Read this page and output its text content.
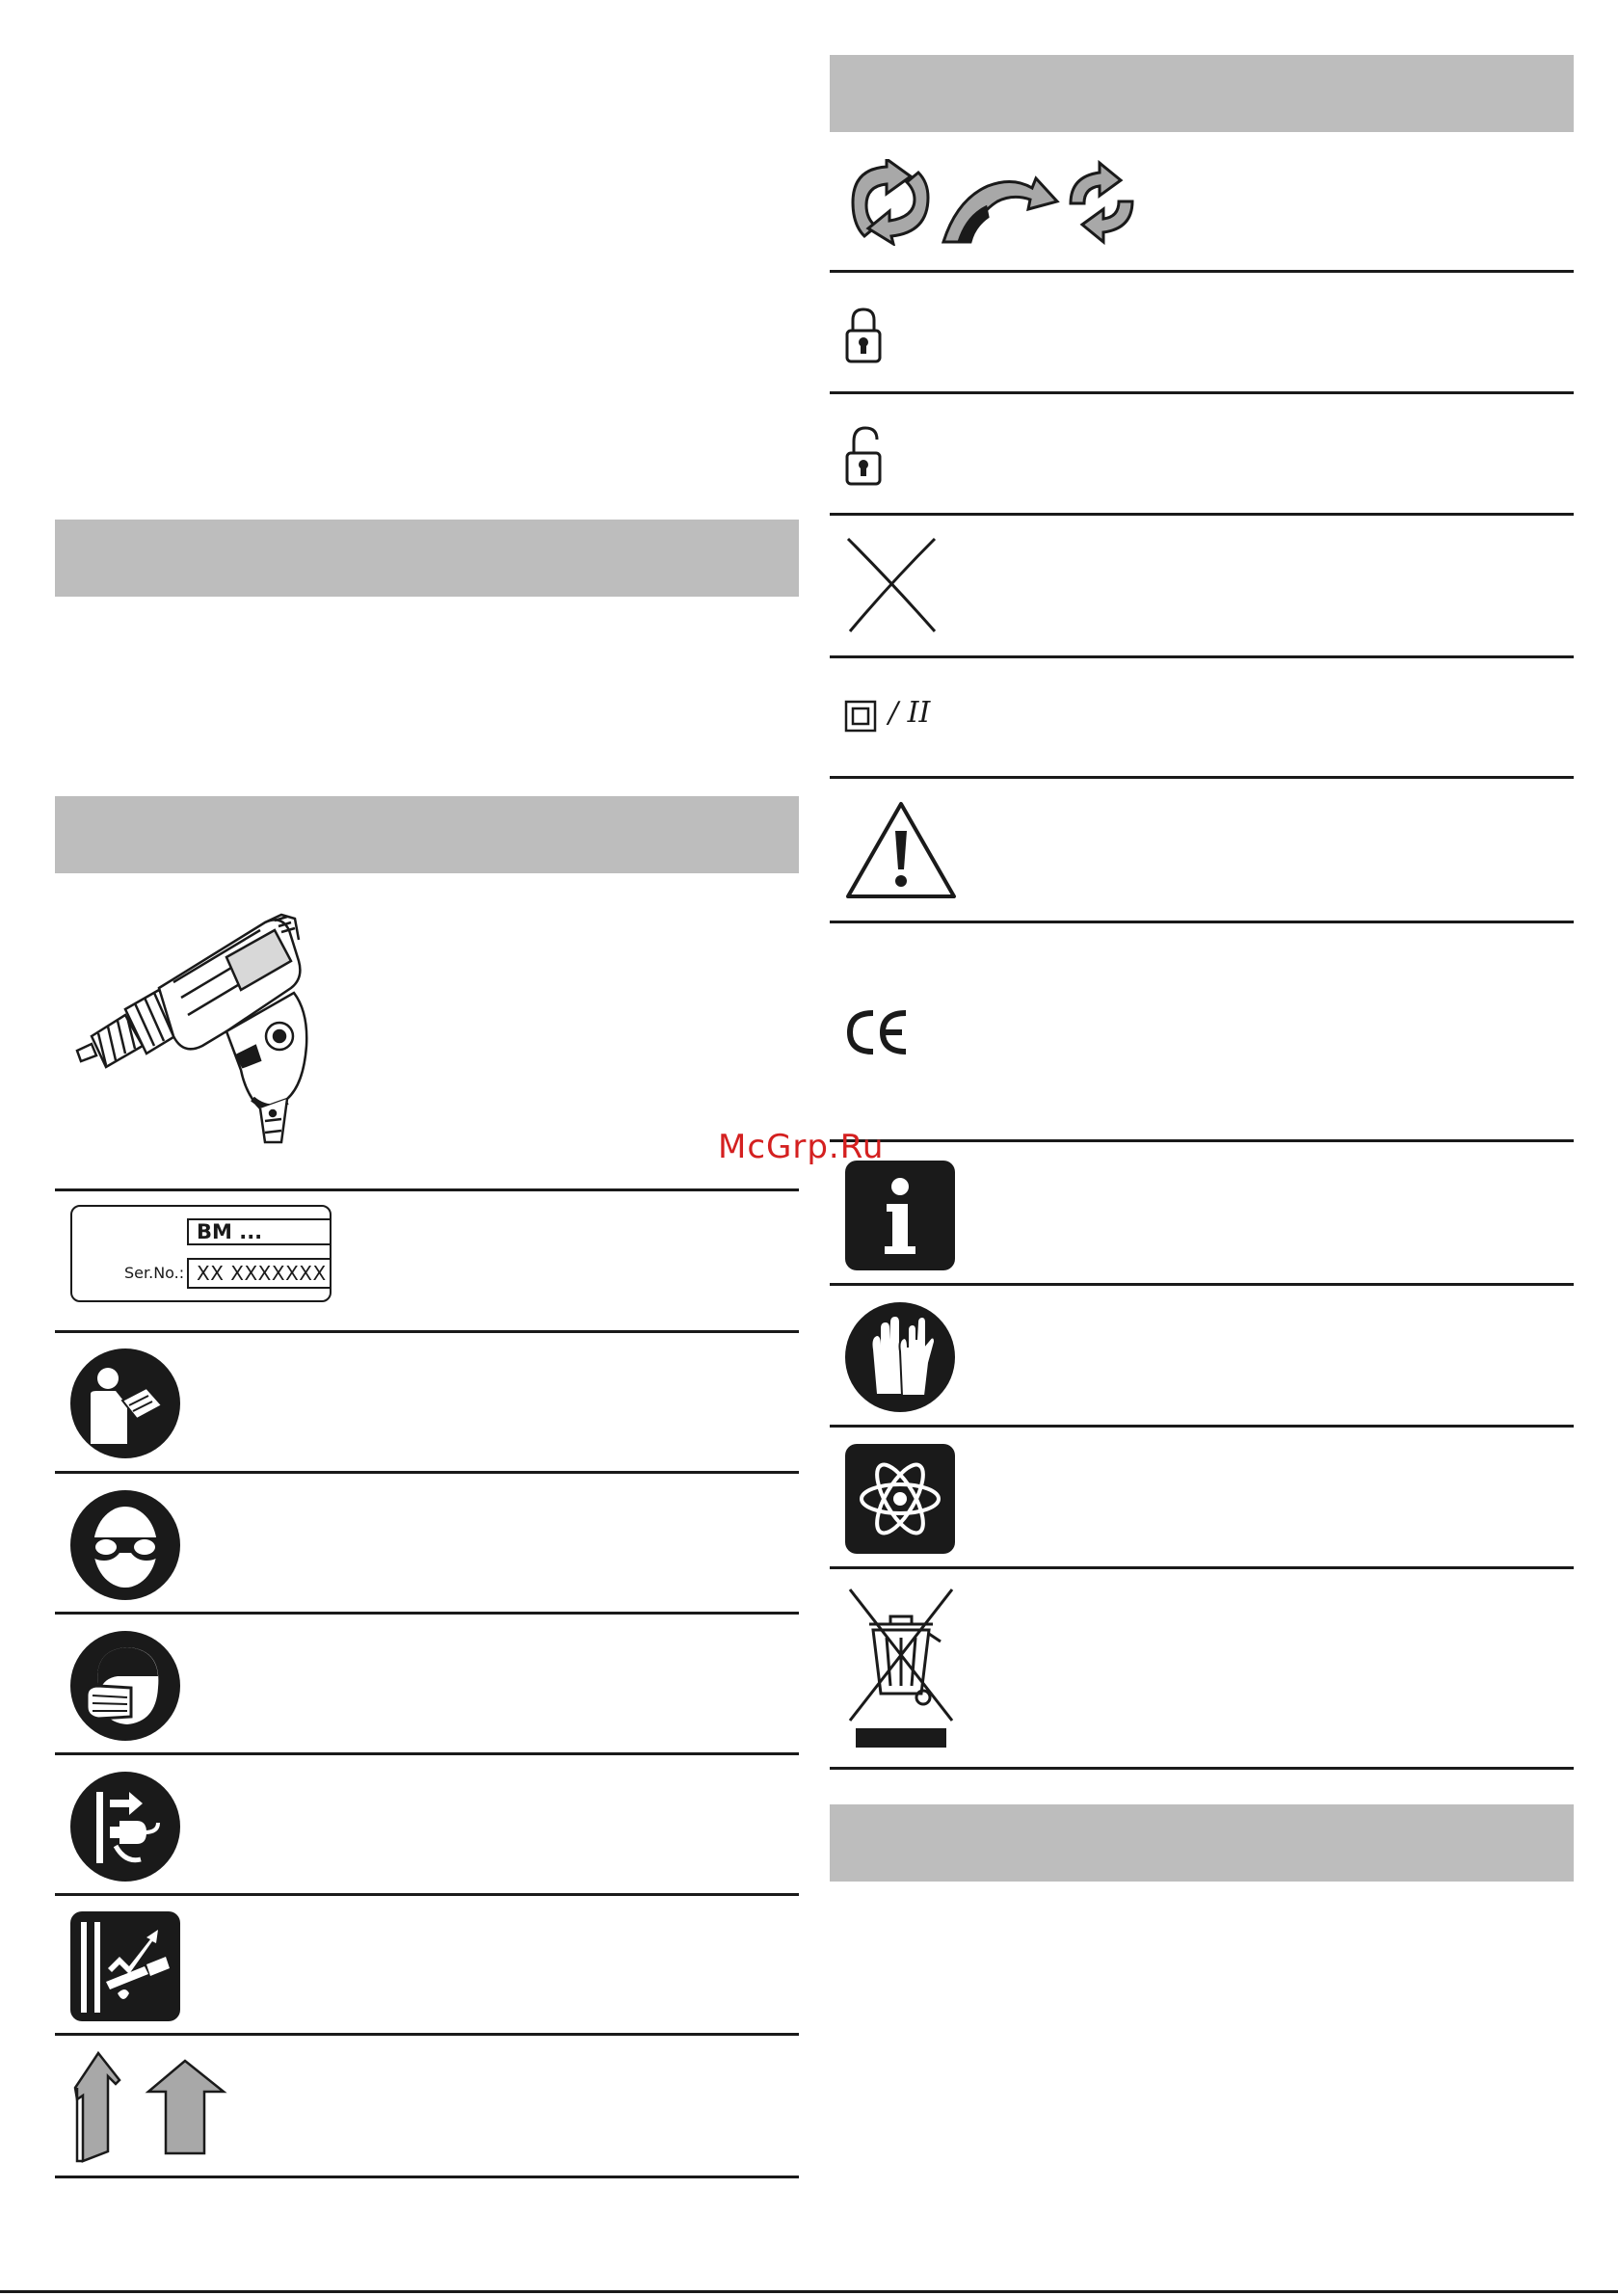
BM ...
Ser.No.: XX XXXXXXX
/ II
McGrp.Ru
